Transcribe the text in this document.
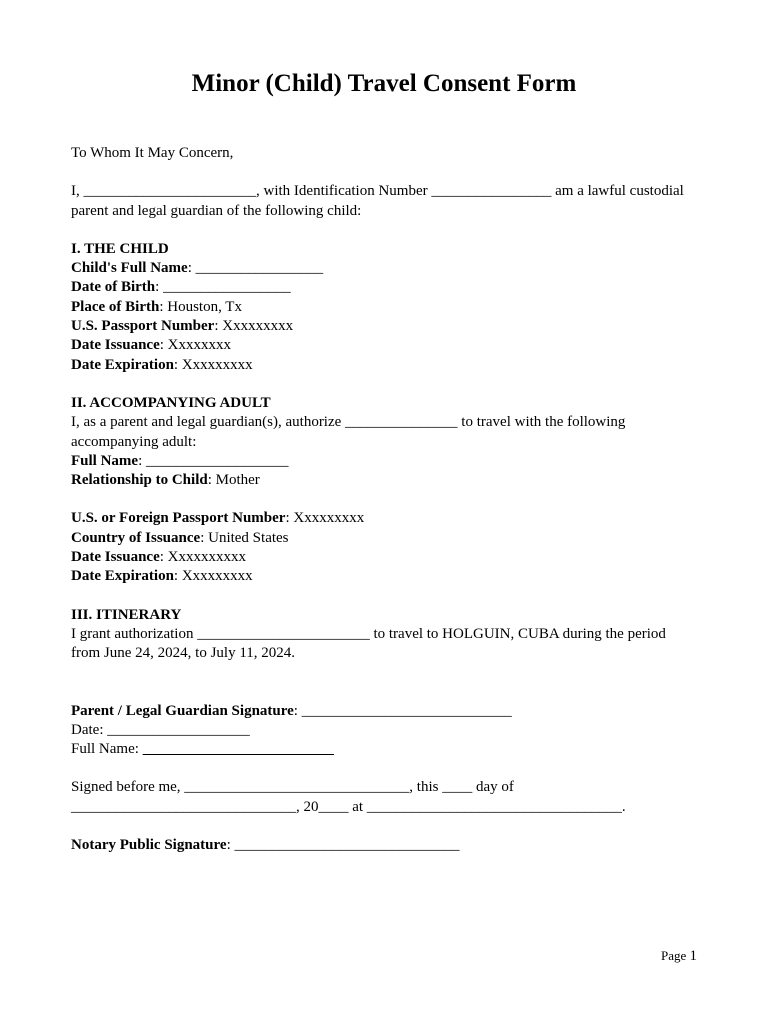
Minor (Child) Travel Consent Form

To Whom It May Concern,

I, _______________________, with Identification Number ________________ am a lawful custodial

parent and legal guardian of the following child:

I. THE CHILD

Child's Full Name: _________________

Date of Birth: _________________

Place of Birth: Houston, Tx

U.S. Passport Number: Xxxxxxxxx

Date Issuance: Xxxxxxxx

Date Expiration: Xxxxxxxxx

II. ACCOMPANYING ADULT

I, as a parent and legal guardian(s), authorize _______________ to travel with the following

accompanying adult:

Full Name: ___________________

Relationship to Child: Mother

U.S. or Foreign Passport Number: Xxxxxxxxx

Country of Issuance: United States

Date Issuance: Xxxxxxxxxx

Date Expiration: Xxxxxxxxx

III. ITINERARY

I grant authorization _______________________ to travel to HOLGUIN, CUBA during the period

from June 24, 2024, to July 11, 2024.

Parent / Legal Guardian Signature: ____________________________

Date: ___________________

Full Name:

Signed before me, ______________________________, this ____ day of

______________________________, 20____ at __________________________________.

Notary Public Signature: ______________________________

Page 1
